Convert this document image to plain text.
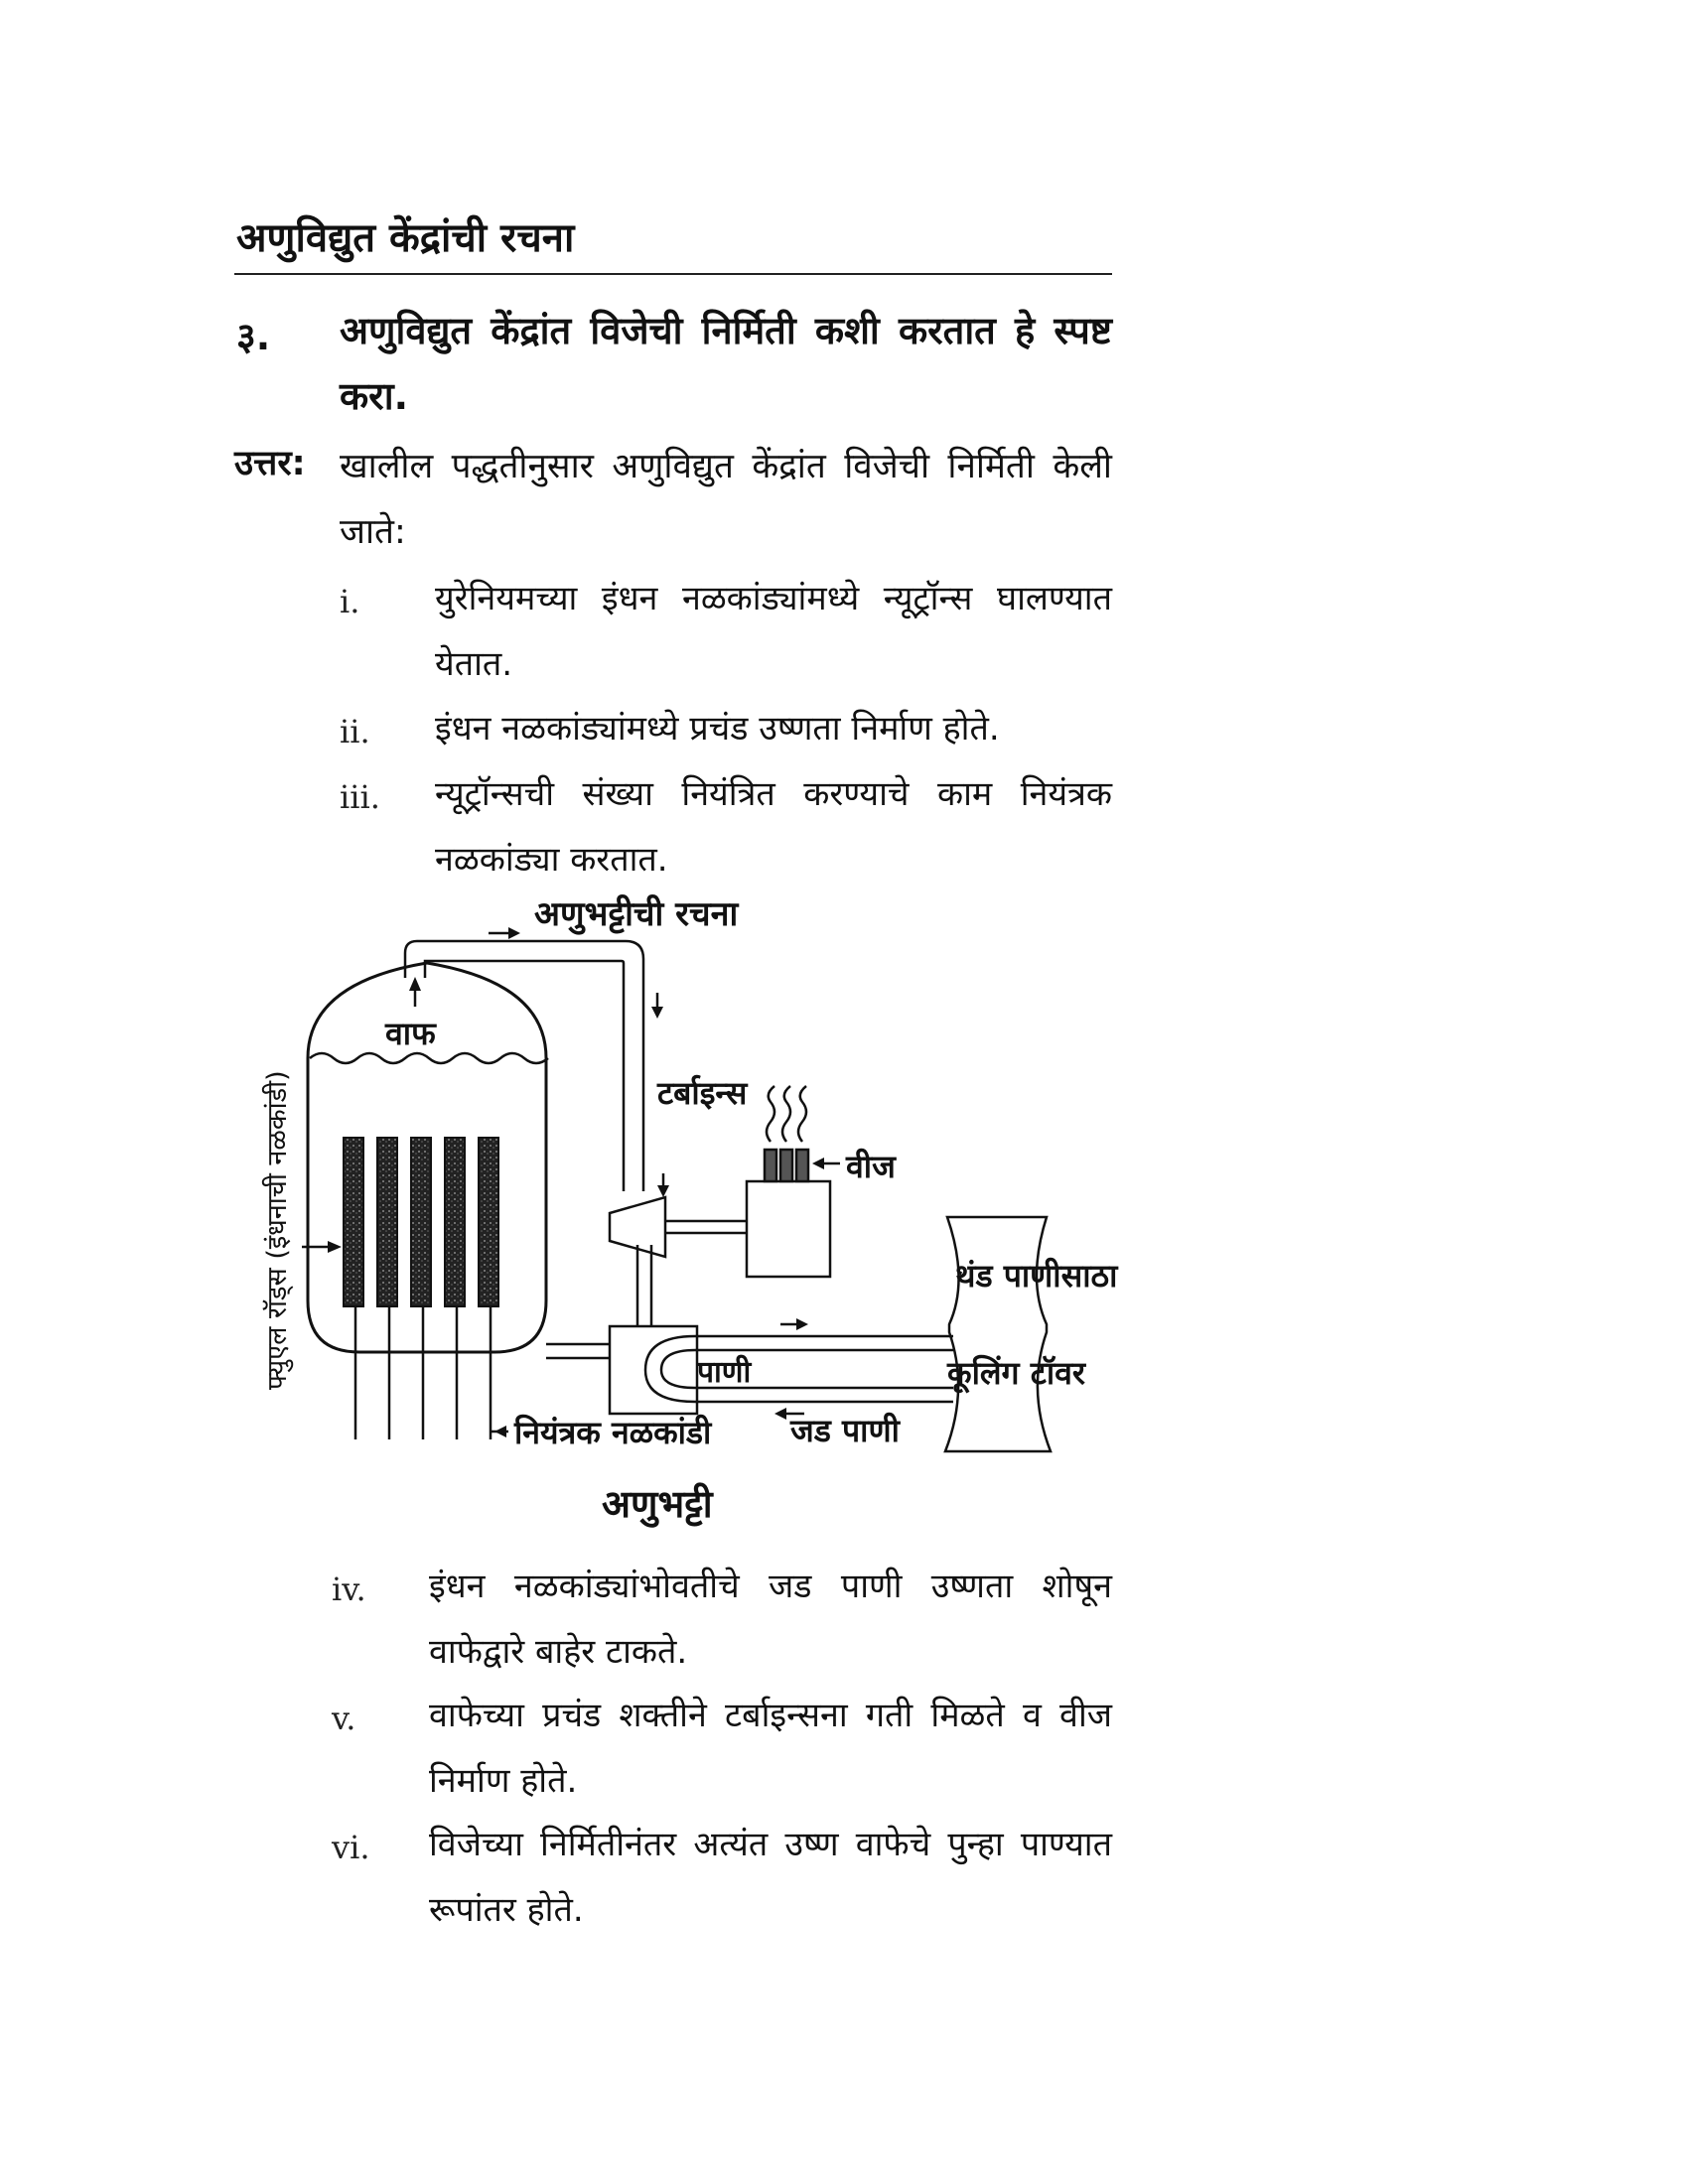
अणुविद्युत केंद्रांची रचना
३. अणुविद्युत केंद्रांत विजेची निर्मिती कशी करतात हे स्पष्ट करा.
उत्तर: खालील पद्धतीनुसार अणुविद्युत केंद्रांत विजेची निर्मिती केली जाते:
i. युरेनियमच्या इंधन नळकांड्यांमध्ये न्यूट्रॉन्स घालण्यात येतात.
ii. इंधन नळकांड्यांमध्ये प्रचंड उष्णता निर्माण होते.
iii. न्यूट्रॉन्सची संख्या नियंत्रित करण्याचे काम नियंत्रक नळकांड्या करतात.
अणुभट्टीची रचना
वाफ
फ्युएल रॉड्स (इंधनाची नळकांडी)	टर्बाइन्स
वीज
पाणी
थंड पाणीसाठा
कूलिंग टॉवर
नियंत्रक नळकांडी जड पाणी
अणुभट्टी
iv. इंधन नळकांड्यांभोवतीचे जड पाणी उष्णता शोषून वाफेद्वारे बाहेर टाकते.
v. वाफेच्या प्रचंड शक्तीने टर्बाइन्सना गती मिळते व वीज निर्माण होते.
vi. विजेच्या निर्मितीनंतर अत्यंत उष्ण वाफेचे पुन्हा पाण्यात रूपांतर होते.
